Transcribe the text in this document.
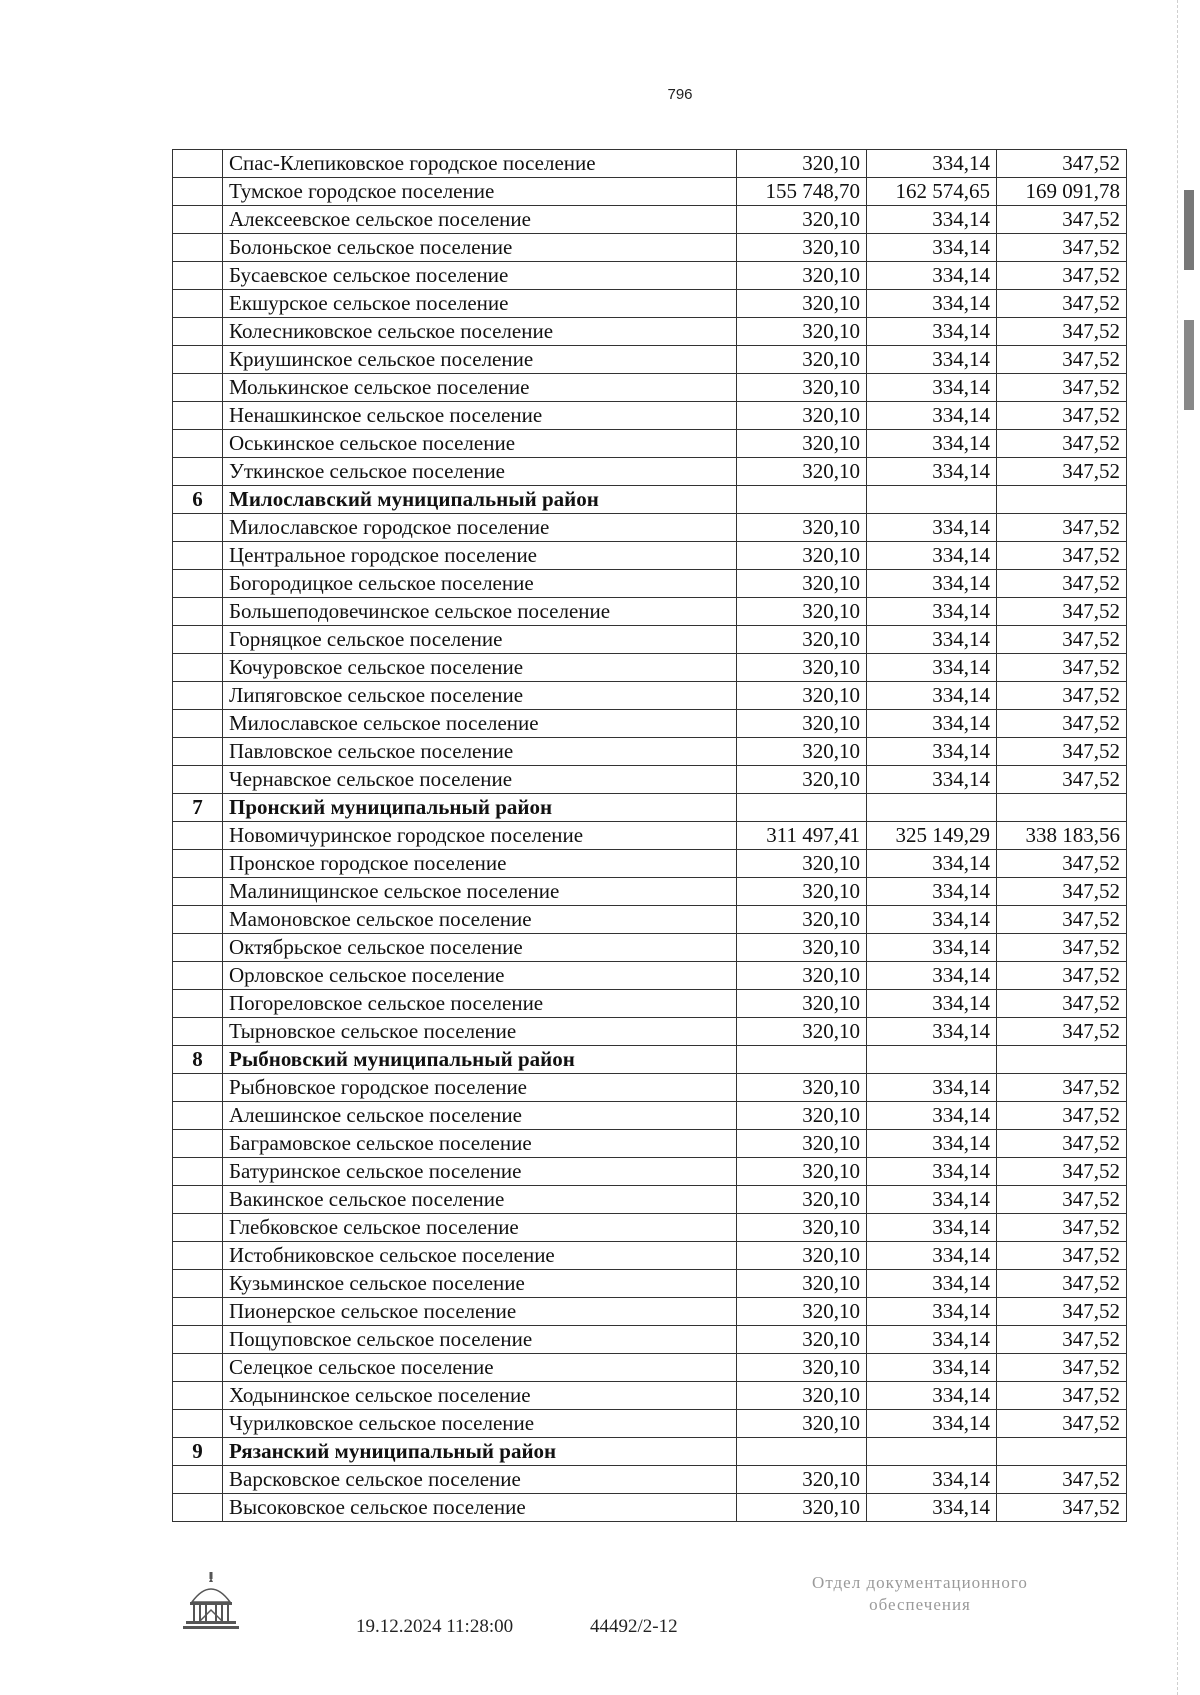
796
	Спас-Клепиковское городское поселение	320,10	334,14	347,52
	Тумское городское поселение	155 748,70	162 574,65	169 091,78
	Алексеевское сельское поселение	320,10	334,14	347,52
	Болоньское сельское поселение	320,10	334,14	347,52
	Бусаевское сельское поселение	320,10	334,14	347,52
	Екшурское сельское поселение	320,10	334,14	347,52
	Колесниковское сельское поселение	320,10	334,14	347,52
	Криушинское сельское поселение	320,10	334,14	347,52
	Молькинское сельское поселение	320,10	334,14	347,52
	Ненашкинское сельское поселение	320,10	334,14	347,52
	Оськинское сельское поселение	320,10	334,14	347,52
	Уткинское сельское поселение	320,10	334,14	347,52
6	Милославский муниципальный район			
	Милославское городское поселение	320,10	334,14	347,52
	Центральное городское поселение	320,10	334,14	347,52
	Богородицкое сельское поселение	320,10	334,14	347,52
	Большеподовечинское сельское поселение	320,10	334,14	347,52
	Горняцкое сельское поселение	320,10	334,14	347,52
	Кочуровское сельское поселение	320,10	334,14	347,52
	Липяговское сельское поселение	320,10	334,14	347,52
	Милославское сельское поселение	320,10	334,14	347,52
	Павловское сельское поселение	320,10	334,14	347,52
	Чернавское сельское поселение	320,10	334,14	347,52
7	Пронский муниципальный район			
	Новомичуринское городское поселение	311 497,41	325 149,29	338 183,56
	Пронское городское поселение	320,10	334,14	347,52
	Малинищинское сельское поселение	320,10	334,14	347,52
	Мамоновское сельское поселение	320,10	334,14	347,52
	Октябрьское сельское поселение	320,10	334,14	347,52
	Орловское сельское поселение	320,10	334,14	347,52
	Погореловское сельское поселение	320,10	334,14	347,52
	Тырновское сельское поселение	320,10	334,14	347,52
8	Рыбновский муниципальный район			
	Рыбновское городское поселение	320,10	334,14	347,52
	Алешинское сельское поселение	320,10	334,14	347,52
	Баграмовское сельское поселение	320,10	334,14	347,52
	Батуринское сельское поселение	320,10	334,14	347,52
	Вакинское сельское поселение	320,10	334,14	347,52
	Глебковское сельское поселение	320,10	334,14	347,52
	Истобниковское сельское поселение	320,10	334,14	347,52
	Кузьминское сельское поселение	320,10	334,14	347,52
	Пионерское сельское поселение	320,10	334,14	347,52
	Пощуповское сельское поселение	320,10	334,14	347,52
	Селецкое сельское поселение	320,10	334,14	347,52
	Ходынинское сельское поселение	320,10	334,14	347,52
	Чурилковское сельское поселение	320,10	334,14	347,52
9	Рязанский муниципальный район			
	Варсковское сельское поселение	320,10	334,14	347,52
	Высоковское сельское поселение	320,10	334,14	347,52
19.12.2024 11:28:00	44492/2-12
Отдел документационного
обеспечения
